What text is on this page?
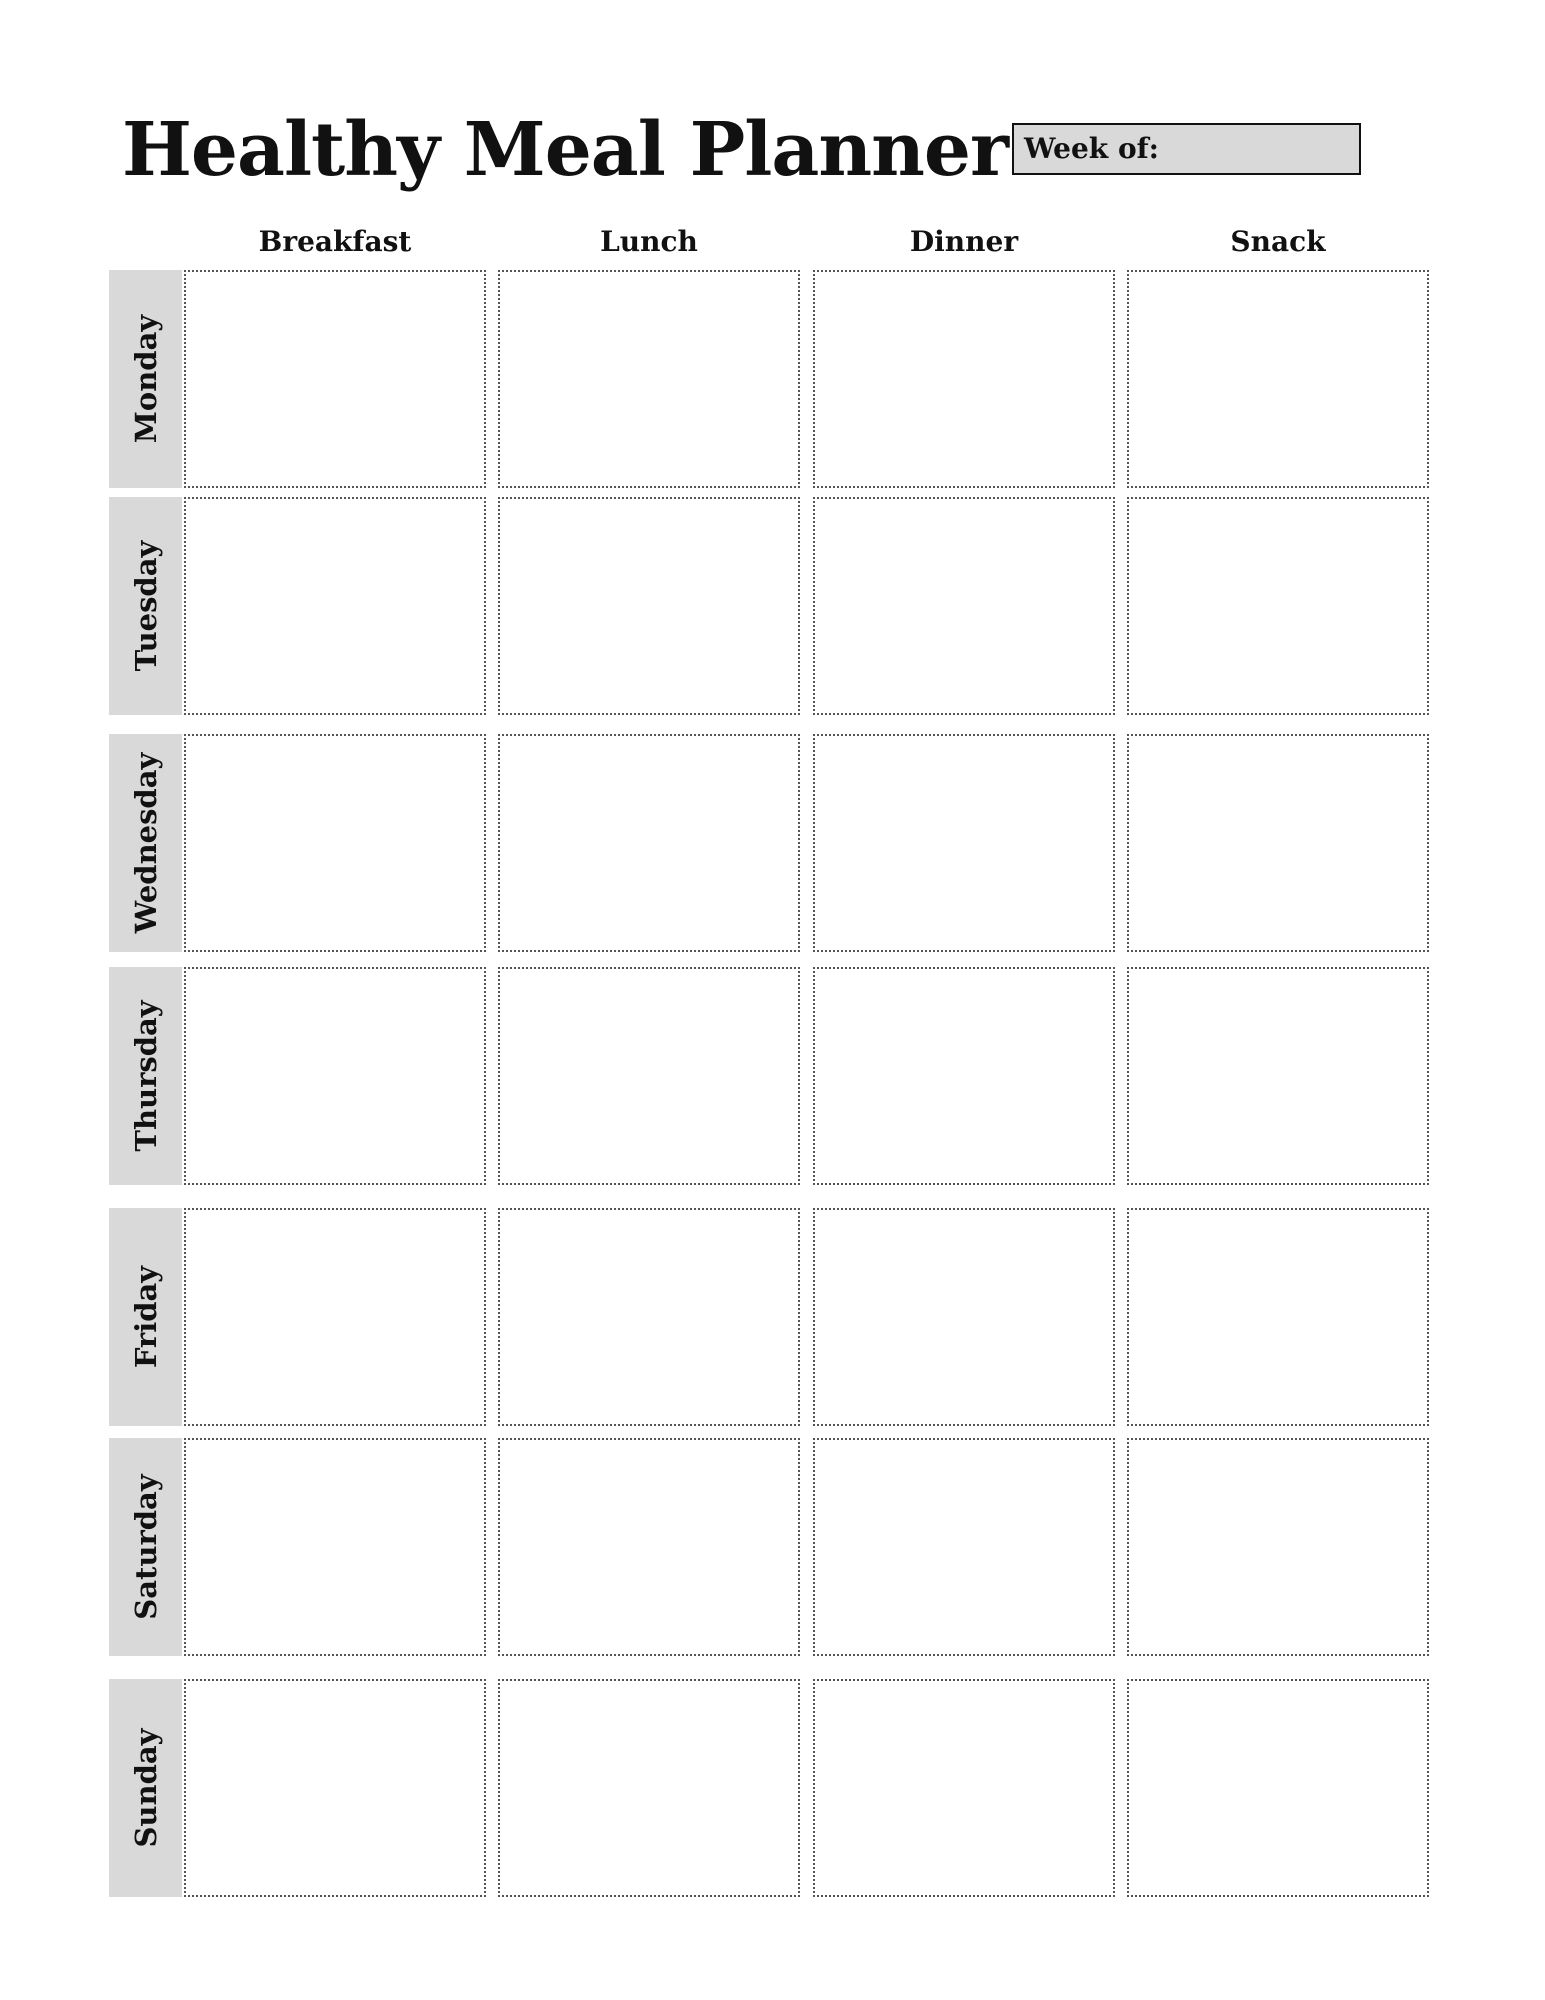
Healthy Meal Planner Week of:
Breakfast	Lunch	Dinner	Snack
Monday
Tuesday
Wednesday
Thursday
Friday
Saturday
Sunday
